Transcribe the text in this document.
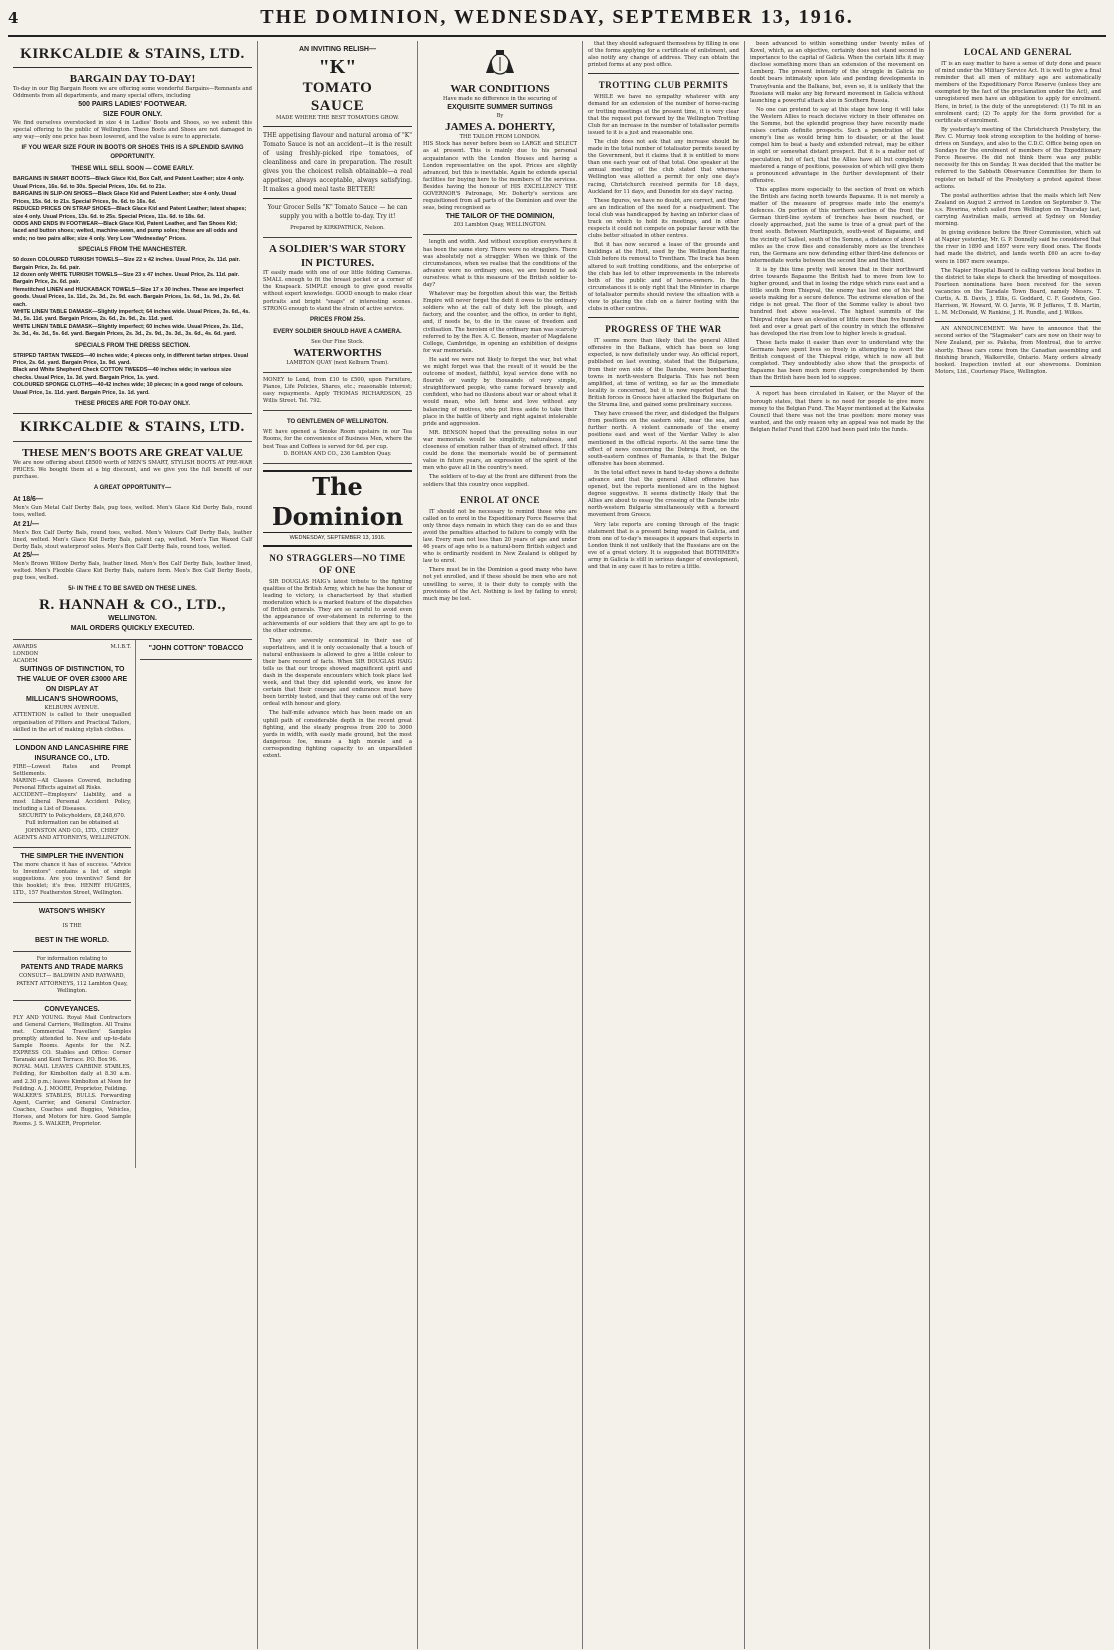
4	THE DOMINION, WEDNESDAY, SEPTEMBER 13, 1916.
KIRKCALDIE & STAINS, LTD.
BARGAIN DAY TO-DAY!
To-day in our Big Bargain Room we are offering some wonderful Bargains—Remnants and Oddments from all departments, and many special offers, including
500 PAIRS LADIES' FOOTWEAR.
SIZE FOUR ONLY.
We find ourselves overstocked in size 4 in Ladies' Boots and Shoes, so we submit this special offering to the public of Wellington. These Boots and Shoes are not damaged in any way—only one price has been lowered, and the value is sure to appreciate.
IF YOU WEAR SIZE FOUR IN BOOTS OR SHOES THIS IS A SPLENDID SAVING OPPORTUNITY.
THESE WILL SELL SOON — COME EARLY.
BARGAINS IN SMART BOOTS—Black Glace Kid, Box Calf, and Patent Leather; size 4 only. Usual Prices, 16s. 6d. to 30s. Special Prices, 10s. 6d. to 21s.
BARGAINS IN SLIP-ON SHOES—Black Glace Kid and Patent Leather; size 4 only. Usual Prices, 15s. 6d. to 21s. Special Prices, 9s. 6d. to 16s. 6d.
REDUCED PRICES ON STRAP SHOES—Black Glace Kid and Patent Leather; latest shapes; size 4 only. Usual Prices, 13s. 6d. to 25s. Special Prices, 11s. 6d. to 18s. 6d.
ODDS AND ENDS IN FOOTWEAR—Black Glace Kid, Patent Leather, and Tan Shoes Kid; laced and button shoes; welted, machine-sewn, and pump soles; these are all odds and ends; no two pairs alike; size 4 only. Very Low "Wednesday" Prices.
SPECIALS FROM THE MANCHESTER.
50 dozen COLOURED TURKISH TOWELS—Size 22 x 42 inches. Usual Price, 2s. 11d. pair. Bargain Price, 2s. 6d. pair.
12 dozen only WHITE TURKISH TOWELS—Size 23 x 47 inches. Usual Price, 2s. 11d. pair. Bargain Price, 2s. 6d. pair.
Hemstitched LINEN and HUCKABACK TOWELS—Size 17 x 30 inches. These are imperfect goods. Usual Prices, 1s. 11d., 2s. 3d., 2s. 9d. each. Bargain Prices, 1s. 6d., 1s. 9d., 2s. 6d. each.
WHITE LINEN TABLE DAMASK—Slightly imperfect; 64 inches wide. Usual Prices, 3s. 6d., 4s. 3d., 5s. 11d. yard. Bargain Prices, 2s. 6d., 2s. 9d., 2s. 11d. yard.
WHITE LINEN TABLE DAMASK—Slightly imperfect; 60 inches wide. Usual Prices, 2s. 11d., 3s. 3d., 4s. 3d., 5s. 6d. yard. Bargain Prices, 2s. 3d., 2s. 9d., 3s. 3d., 3s. 6d., 4s. 6d. yard.
SPECIALS FROM THE DRESS SECTION.
STRIPED TARTAN TWEEDS—40 inches wide; 4 pieces only, in different tartan stripes. Usual Price, 2s. 6d. yard. Bargain Price, 1s. 9d. yard.
Black and White Shepherd Check COTTON TWEEDS—40 inches wide; in various size checks. Usual Price, 1s. 3d. yard. Bargain Price, 1s. yard.
COLOURED SPONGE CLOTHS—40-42 inches wide; 10 pieces; in a good range of colours. Usual Price, 1s. 11d. yard. Bargain Price, 1s. 1d. yard.
THESE PRICES ARE FOR TO-DAY ONLY.
KIRKCALDIE & STAINS, LTD.
THESE MEN'S BOOTS ARE GREAT VALUE
We are now offering about £8500 worth of MEN'S SMART, STYLISH BOOTS AT PRE-WAR PRICES. We bought them at a big discount, and we give you the full benefit of our purchase.
A GREAT OPPORTUNITY—
At 18/6—
Men's Gun Metal Calf Derby Bals, pug toes, welted. Men's Glace Kid Derby Bals, round toes, welted.
At 21/—
Men's Box Calf Derby Bals, round toes, welted. Men's Velours Calf Derby Bals, leather lined, welted. Men's Glace Kid Derby Bals, patent cap, welted. Men's Tan Waxed Calf Derby Bals, stout waterproof soles. Men's Box Calf Derby Bals, round toes, welted.
At 25/—
Men's Brown Willow Derby Bals, leather lined. Men's Box Calf Derby Bals, leather lined, welted. Men's Flexible Glace Kid Derby Bals, nature form. Men's Box Calf Derby Boots, pug toes, welted.
5/- IN THE £ TO BE SAVED ON THESE LINES.
R. HANNAH & CO., LTD.,
WELLINGTON.
MAIL ORDERS QUICKLY EXECUTED.
AWARDS LONDON ACADEM
M.I.B.T.
SUITINGS OF DISTINCTION, TO THE VALUE OF OVER £3000 ARE ON DISPLAY AT
MILLICAN'S SHOWROOMS,
KELBURN AVENUE.
ATTENTION is called to their unequalled organisation of Fitters and Practical Tailors, skilled in the art of making stylish clothes.
LONDON AND LANCASHIRE FIRE INSURANCE CO., LTD.
FIRE—Lowest Rates and Prompt Settlements.
MARINE—All Classes Covered, including Personal Effects against all Risks.
ACCIDENT—Employers' Liability, and a most Liberal Personal Accident Policy, including a List of Diseases.
SECURITY to Policyholders, £8,248,670.
Full information can be obtained at JOHNSTON AND CO., LTD., CHIEF AGENTS AND ATTORNEYS, WELLINGTON.
THE SIMPLER THE INVENTION
The more chance it has of success. "Advice to Inventors" contains a list of simple suggestions. Are you inventive? Send for this booklet; it's free. HENRY HUGHES, LTD., 157 Featherston Street, Wellington.
WATSON'S WHISKY
IS THE
BEST IN THE WORLD.
For information relating to
PATENTS AND TRADE MARKS
CONSULT— BALDWIN AND RAYWARD, PATENT ATTORNEYS, 112 Lambton Quay, Wellington.
CONVEYANCES.
FLY AND YOUNG. Royal Mail Contractors and General Carriers, Wellington. All Trains met. Commercial Travellers' Samples promptly attended to. New and up-to-date Sample Rooms. Agents for the N.Z. EXPRESS CO. Stables and Office: Corner Taranaki and Kent Terrace. P.O. Box 96.
ROYAL MAIL LEAVES CARBINE STABLES, Feilding, for Kimbolton daily at 8.30 a.m. and 2.30 p.m.; leaves Kimbolton at Noon for Feilding. A. J. MOORE, Proprietor, Feilding.
WALKER'S STABLES, BULLS. Forwarding Agent, Carrier, and General Contractor. Coaches, Coaches and Buggies, Vehicles, Horses, and Motors for hire. Good Sample Rooms. J. S. WALKER, Proprietor.
"JOHN COTTON" TOBACCO
AN INVITING RELISH—
"K"
TOMATO
SAUCE
MADE WHERE THE BEST TOMATOES GROW.
THE appetising flavour and natural aroma of "K" Tomato Sauce is not an accident—it is the result of using freshly-picked ripe tomatoes, of cleanliness and care in preparation. The result gives you the choicest relish obtainable—a real appetiser, always acceptable, always satisfying. It makes a good meal taste BETTER!
Your Grocer Sells "K" Tomato Sauce — he can supply you with a bottle to-day. Try it!
Prepared by KIRKPATRICK, Nelson.
A SOLDIER'S WAR STORY IN PICTURES.
IT easily made with one of our little folding Cameras. SMALL enough to fit the breast pocket or a corner of the Knapsack. SIMPLE enough to give good results without expert knowledge. GOOD enough to make clear portraits and bright "snaps" of interesting scenes. STRONG enough to stand the strain of active service.
PRICES FROM 25s.
EVERY SOLDIER SHOULD HAVE A CAMERA.
See Our Fine Stock.
WATERWORTHS
LAMBTON QUAY (next Kelburn Tram).
MONEY to Lend, from £10 to £500, upon Furniture, Pianos, Life Policies, Shares, etc.; reasonable interest; easy repayments. Apply THOMAS RICHARDSON, 25 Willis Street. Tel. 792.
TO GENTLEMEN OF WELLINGTON.
WE have opened a Smoke Room upstairs in our Tea Rooms, for the convenience of Business Men, where the best Teas and Coffees is served for 6d. per cup.
D. BOHAN AND CO., 236 Lambton Quay.
The Dominion
WEDNESDAY, SEPTEMBER 13, 1916.
NO STRAGGLERS—NO TIME OF ONE

SIR DOUGLAS HAIG's latest tribute to the fighting qualities of the British Army, which he has the honour of leading to victory, is characterised by that studied moderation which is a marked feature of the dispatches of British generals. They are so careful to avoid even the appearance of over-statement in referring to the achievements of our soldiers that they are apt to go to the other extreme.

They are severely economical in their use of superlatives, and it is only occasionally that a touch of natural enthusiasm is allowed to give a little colour to their bare record of facts. When SIR DOUGLAS HAIG tells us that our troops showed magnificent spirit and dash in the desperate encounters which took place last week, and that they did splendid work, we know for certain that their courage and endurance must have been terribly tested, and that they came out of the very ordeal with honour and glory.

The half-mile advance which has been made on an uphill path of considerable depth in the recent great fighting, and the steady progress from 200 to 3000 yards in width, with easily made ground, but the most dangerous foe, means a high morale and a corresponding fighting capacity to an unparalleled extent.

WAR CONDITIONS
Have made no difference in the securing of
EXQUISITE SUMMER SUITINGS
By
JAMES A. DOHERTY,
THE TAILOR FROM LONDON.
HIS Stock has never before been so LARGE and SELECT as at present. This is mainly due to his personal acquaintance with the London Houses and having a London representative on the spot. Prices are slightly advanced, but this is inevitable. Again he extends special facilities for buying here to the members of the services. Besides having the honour of HIS EXCELLENCY THE GOVERNOR'S Patronage, Mr. Doherty's services are requisitioned from all parts of the Dominion and over the seas, being recognised as
THE TAILOR OF THE DOMINION,
203 Lambton Quay, WELLINGTON.

length and width. And without exception everywhere it has been the same story. There were no stragglers. There was absolutely not a straggler. When we think of the circumstances, when we realise that the conditions of the advance were no ordinary ones, we are bound to ask ourselves: what is this measure of the British soldier to-day?

Whatever may be forgotten about this war, the British Empire will never forget the debt it owes to the ordinary soldiers who at the call of duty left the plough, and factory, and the counter, and the office, in order to fight, and, if needs be, to die in the cause of freedom and civilisation. The heroism of the ordinary man was scarcely referred to by the Rev. A. C. Benson, master of Magdalene College, Cambridge, in opening an exhibition of designs for war memorials.

He said we were not likely to forget the war, but what we might forget was that the result of it would be the outcome of modest, faithful, loyal service done with no flourish or vanity by thousands of very simple, straightforward people, who came forward bravely and confident, who had no illusions about war or about what it would mean, who left home and love without any balancing of motives, who put lives aside to take their place in the battle of liberty and right against intolerable pride and aggression.

MR. BENSON hoped that the prevailing notes in our war memorials would be simplicity, naturalness, and closeness of emotion rather than of strained effect. If this could be done the memorials would be of permanent value in future years, an expression of the spirit of the men who gave all in the country's need.

The soldiers of to-day at the front are different from the soldiers that this country once supplied.

ENROL AT ONCE

IT should not be necessary to remind those who are called on to enrol in the Expeditionary Force Reserve that only three days remain in which they can do so and thus avoid the penalties attached to failure to comply with the law. Every man not less than 20 years of age and under 46 years of age who is a natural-born British subject and who is ordinarily resident in New Zealand is obliged by law to enrol.

There must be in the Dominion a good many who have not yet enrolled, and if these should be men who are not unwilling to serve, it is their duty to comply with the provisions of the Act. Nothing is lost by failing to enrol; much may be lost.

that they should safeguard themselves by filling in one of the forms applying for a certificate of enlistment, and also notify any change of address. They can obtain the printed forms at any post office.

TROTTING CLUB PERMITS

WHILE we have no sympathy whatever with any demand for an extension of the number of horse-racing or trotting meetings at the present time, it is very clear that the request put forward by the Wellington Trotting Club for an increase in the number of totalisator permits issued to it is a just and reasonable one.

The club does not ask that any increase should be made in the total number of totalisator permits issued by the Government, but it claims that it is entitled to more than one each year out of that total. One speaker at the annual meeting of the club stated that whereas Wellington was allotted a permit for only one day's racing, Christchurch received permits for 18 days, Auckland for 11 days, and Dunedin for six days' racing.

These figures, we have no doubt, are correct, and they are an indication of the need for a readjustment. The local club was handicapped by having an inferior class of track on which to hold its meetings, and in other respects it could not compete on popular favour with the clubs better situated in other centres.

But it has now secured a lease of the grounds and buildings at the Hutt, used by the Wellington Racing Club before its removal to Trentham. The track has been altered to suit trotting conditions, and the enterprise of the club has led to other improvements in the interests both of the public and of horse-owners. In the circumstances it is only right that the Minister in charge of totalisator permits should review the situation with a view to placing the club on a fairer footing with the clubs in other centres.

PROGRESS OF THE WAR

IT seems more than likely that the general Allied offensive in the Balkans, which has been so long expected, is now definitely under way. An official report, published on last evening, stated that the Bulgarians, from their own side of the Danube, were bombarding towns in north-western Bulgaria. This has not been amplified, at time of writing, so far as the immediate locality is concerned, but it is now reported that the British forces in Greece have attacked the Bulgarians on the Struma line, and gained some preliminary success.

They have crossed the river, and dislodged the Bulgars from positions on the eastern side, near the sea, and further north. A violent cannonade of the enemy positions east and west of the Vardar Valley is also mentioned in the official reports. At the same time the effect of news concerning the Dobruja front, on the south-eastern confines of Rumania, is that the Bulgar offensive has been stemmed.

In the total effect news in hand to-day shows a definite advance and that the general Allied offensive has opened, but the reports mentioned are in the highest degree suggestive. It seems distinctly likely that the Allies are about to essay the crossing of the Danube into north-western Bulgaria simultaneously with a forward movement from Greece.

Very late reports are coming through of the tragic statement that is a present being waged in Galicia, and from one of to-day's messages it appears that experts in London think it not unlikely that the Russians are on the eve of a great victory. It is suggested that BOTHMER's army in Galicia is still in serious danger of envelopment, and that in any case it has to retire a little.

been advanced to within something under twenty miles of Kovel, which, as an objective, certainly does not stand second in importance to the capital of Galicia. When the certain lifts it may disclose something more than an extension of the movement on Lemberg. The present intensity of the struggle in Galicia no doubt bears intimately upon late and pending developments in Transylvania and the Balkans, but, even so, it is unlikely that the Russians will make any big forward movement in Galicia without launching a powerful attack also in Southern Russia.

No one can pretend to say at this stage how long it will take the Western Allies to reach decisive victory in their offensive on the Somme, but the splendid progress they have recently made raises certain definite prospects. Such a penetration of the enemy's line as would bring him to disaster, or at the least compel him to beat a hasty and extended retreat, may be either in sight or somewhat distant prospect. But it is a matter not of speculation, but of fact, that the Allies have all but completely mastered a range of positions, possession of which will give them a pronounced advantage in the further development of their offensive.

This applies more especially to the section of front on which the British are facing north towards Bapaume. It is not merely a matter of the measure of progress made into the enemy's defences. On portion of this northern section of the front the German third-line system of trenches has been reached, or closely approached, just the same is true of a great part of the front south. Between Martinpuich, south-west of Bapaume, and the vicinity of Sailsel, south of the Somme, a distance of about 14 miles as the crow flies and considerably more as the trenches run, the Germans are now defending either third-line defences or intermediate works between the second line and the third.

It is by this time pretty well known that in their northward drive towards Bapaume the British had to move from low to higher ground, and that in losing the ridge which runs east and a little south from Thiepval, the enemy has lost one of his best assets making for a secure defence. The extreme elevation of the ridge is not great. The floor of the Somme valley is about two hundred feet above sea-level. The highest summits of the Thiepval ridge have an elevation of little more than five hundred feet and over a great part of the country in which the offensive has developed the rise from low to higher levels is gradual.

These facts make it easier than ever to understand why the Germans have spent lives so freely in attempting to avert the British conquest of the Thiepval ridge, which is now all but completed. They undoubtedly also show that the prospects of Bapaume has been much more clearly comprehended by them than the British have been led to suppose.

A report has been circulated in Kaiser, or the Mayor of the borough states, that there is no need for people to give more money to the Belgian Fund. The Mayor mentioned at the Kaiwaka Council that there was not the true position: more money was wanted, and the only reason why an appeal was not made by the Belgian Relief Fund that £200 had been paid into the funds.

LOCAL AND GENERAL

IT is an easy matter to have a sense of duty done and peace of mind under the Military Service Act. It is well to give a final reminder that all men of military age are automatically members of the Expeditionary Force Reserve (unless they are exempted by the fact of the proclamation under the Act), and unregistered men have an obligation to apply for enrolment. Here, in brief, is the duty of the unregistered: (1) To fill in an enrolment card; (2) To apply for the form provided for a certificate of enrolment.

By yesterday's meeting of the Christchurch Presbytery, the Rev. C. Murray took strong exception to the holding of horse-drives on Sundays, and also to the C.D.C. Office being open on Sundays for the enrolment of members of the Expeditionary Force Reserve. He did not think there was any public necessity for this on Sunday. It was decided that the matter be referred to the Sabbath Observance Committee for them to register on behalf of the Presbytery a protest against these actions.

The postal authorities advise that the mails which left New Zealand on August 2 arrived in London on September 9. The s.s. Riverina, which sailed from Wellington on Thursday last, carrying Australian mails, arrived at Sydney on Monday morning.

In giving evidence before the River Commission, which sat at Napier yesterday, Mr. G. P. Donnelly said he considered that the river in 1890 and 1897 were very flood ones. The floods had made the district, and lands worth £60 an acre to-day were in 1867 mere swamps.

The Napier Hospital Board is calling various local bodies in the district to take steps to check the breeding of mosquitoes. Fourteen nominations have been received for the seven vacancies on the Taradale Town Board, namely Messrs. T. Curtis, A. B. Davis, J. Ellis, G. Goddard, C. F. Goodwin, Geo. Harrison, W. Howard, W. O. Jarvis, W. P. Jeffares, T. B. Martin, L. M. McDonald, W. Rankine, J. H. Rundle, and J. Wilkes.

AN ANNOUNCEMENT. We have to announce that the second series of the "Stagmaker" cars are now on their way to New Zealand, per ss. Pakeha, from Montreal, due to arrive shortly. These cars come from the Canadian assembling and finishing branch, Walkerville, Ontario. Many orders already booked. Inspection invited at our showrooms. Dominion Motors, Ltd., Courtenay Place, Wellington.
